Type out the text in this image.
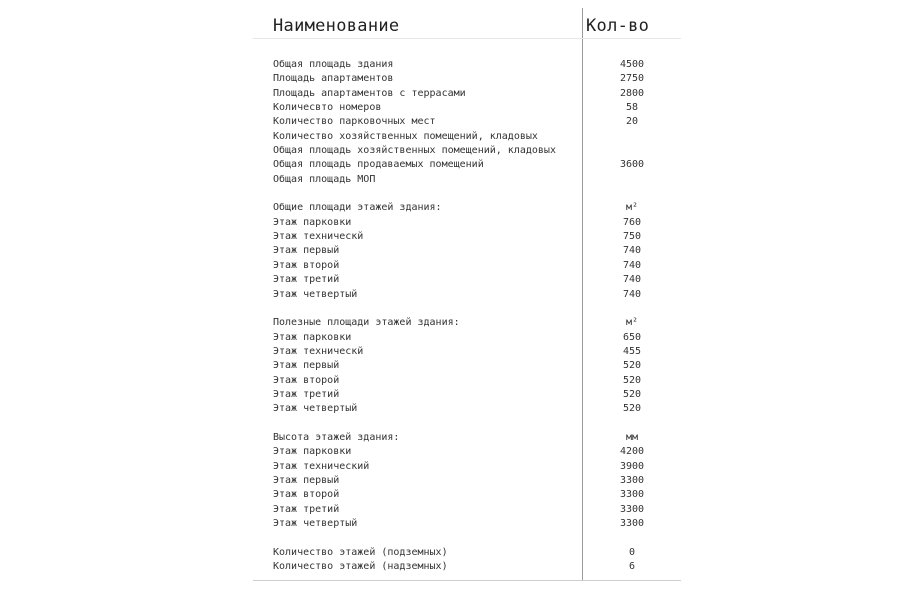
Наименование	Кол-во
Общая площадь здания	4500
Площадь апартаментов	2750
Площадь апартаментов с террасами	2800
Количесвто номеров	58
Количество парковочных мест	20
Количество хозяйственных помещений, кладовых
Общая площадь хозяйственных помещений, кладовых
Общая площадь продаваемых помещений	3600
Общая площадь МОП
Общие площади этажей здания:	м²
Этаж парковки	760
Этаж техническй	750
Этаж первый	740
Этаж второй	740
Этаж третий	740
Этаж четвертый	740
Полезные площади этажей здания:	м²
Этаж парковки	650
Этаж техническй	455
Этаж первый	520
Этаж второй	520
Этаж третий	520
Этаж четвертый	520
Высота этажей здания:	мм
Этаж парковки	4200
Этаж технический	3900
Этаж первый	3300
Этаж второй	3300
Этаж третий	3300
Этаж четвертый	3300
Количество этажей (подземных)	0
Количество этажей (надземных)	6
